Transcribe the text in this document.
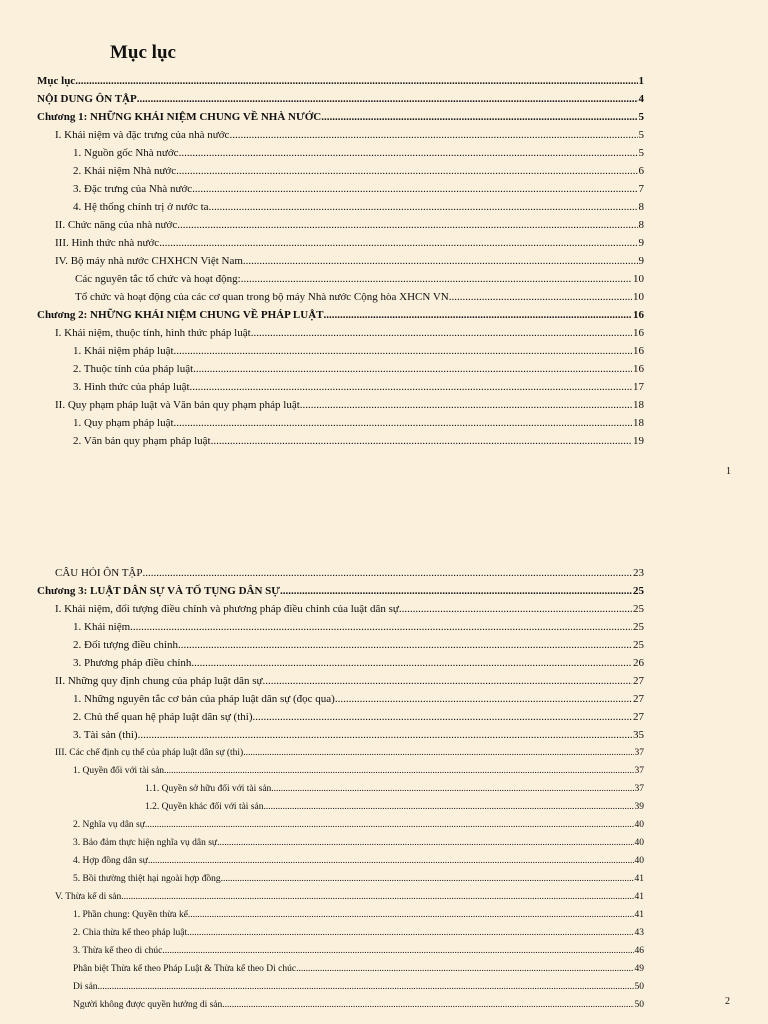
Mục lục
Mục lục .....	1
NỘI DUNG ÔN TẬP .....	4
Chương 1: NHỮNG KHÁI NIỆM CHUNG VỀ NHÀ NƯỚC .....	5
I. Khái niệm và đặc trưng của nhà nước .....	5
1. Nguồn gốc Nhà nước .....	5
2. Khái niệm Nhà nước .....	6
3. Đặc trưng của Nhà nước .....	7
4. Hệ thống chính trị ở nước ta .....	8
II. Chức năng của nhà nước .....	8
III. Hình thức nhà nước .....	9
IV. Bộ máy nhà nước CHXHCN Việt Nam .....	9
Các nguyên tắc tổ chức và hoạt động: .....	10
Tổ chức và hoạt động của các cơ quan trong bộ máy Nhà nước Cộng hòa XHCN VN .....	10
Chương 2: NHỮNG KHÁI NIỆM CHUNG VỀ PHÁP LUẬT .....	16
I. Khái niệm, thuộc tính, hình thức pháp luật .....	16
1. Khái niệm pháp luật .....	16
2. Thuộc tính của pháp luật .....	16
3. Hình thức của pháp luật .....	17
II. Quy phạm pháp luật và Văn bản quy phạm pháp luật .....	18
1. Quy phạm pháp luật .....	18
2. Văn bản quy phạm pháp luật .....	19
1
CÂU HỎI ÔN TẬP .....	23
Chương 3: LUẬT DÂN SỰ VÀ TỐ TỤNG DÂN SỰ .....	25
I. Khái niệm, đối tượng điều chỉnh và phương pháp điều chỉnh của luật dân sự .....	25
1. Khái niệm .....	25
2. Đối tượng điều chỉnh .....	25
3. Phương pháp điều chỉnh .....	26
II. Những quy định chung của pháp luật dân sự .....	27
1. Những nguyên tắc cơ bản của pháp luật dân sự (đọc qua) .....	27
2. Chủ thể quan hệ pháp luật dân sự (thi) .....	27
3. Tài sản (thi) .....	35
III. Các chế định cụ thể của pháp luật dân sự (thi) .....	37
1. Quyền đối với tài sản .....	37
1.1. Quyền sở hữu đối với tài sản .....	37
1.2. Quyền khác đối với tài sản .....	39
2. Nghĩa vụ dân sự .....	40
3. Bảo đảm thực hiện nghĩa vụ dân sự .....	40
4. Hợp đồng dân sự .....	40
5. Bồi thường thiệt hại ngoài hợp đồng .....	41
V. Thừa kế di sản .....	41
1. Phần chung: Quyền thừa kế .....	41
2. Chia thừa kế theo pháp luật .....	43
3. Thừa kế theo di chúc .....	46
Phân biệt Thừa kế theo Pháp Luật & Thừa kế theo Di chúc .....	49
Di sản .....	50
Người không được quyền hưởng di sản .....	50	2
